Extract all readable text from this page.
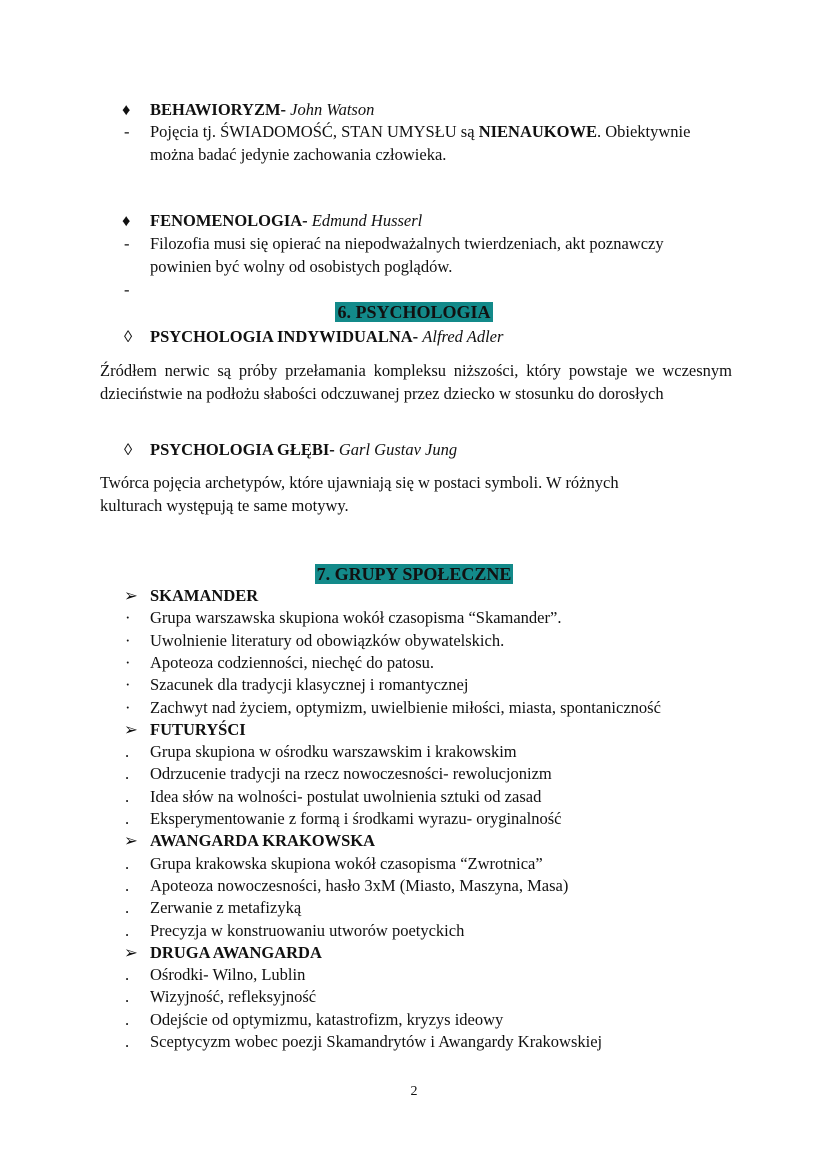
♦ BEHAWIORYZM- John Watson
- Pojęcia tj. ŚWIADOMOŚĆ, STAN UMYSŁU są NIENAUKOWE. Obiektywnie
można badać jedynie zachowania człowieka.
♦ FENOMENOLOGIA- Edmund Husserl
- Filozofia musi się opierać na niepodważalnych twierdzeniach, akt poznawczy
powinien być wolny od osobistych poglądów.
-
6. PSYCHOLOGIA
◊ PSYCHOLOGIA INDYWIDUALNA- Alfred Adler
Źródłem nerwic są próby przełamania kompleksu niższości, który powstaje we wczesnym dzieciństwie na podłożu słabości odczuwanej przez dziecko w stosunku do dorosłych
◊ PSYCHOLOGIA GŁĘBI- Garl Gustav Jung
Twórca pojęcia archetypów, które ujawniają się w postaci symboli. W różnych
kulturach występują te same motywy.
7. GRUPY SPOŁECZNE
➢ SKAMANDER
· Grupa warszawska skupiona wokół czasopisma “Skamander”.
· Uwolnienie literatury od obowiązków obywatelskich.
· Apoteoza codzienności, niechęć do patosu.
· Szacunek dla tradycji klasycznej i romantycznej
· Zachwyt nad życiem, optymizm, uwielbienie miłości, miasta, spontaniczność
➢ FUTURYŚCI
. Grupa skupiona w ośrodku warszawskim i krakowskim
. Odrzucenie tradycji na rzecz nowoczesności- rewolucjonizm
. Idea słów na wolności- postulat uwolnienia sztuki od zasad
. Eksperymentowanie z formą i środkami wyrazu- oryginalność
➢ AWANGARDA KRAKOWSKA
. Grupa krakowska skupiona wokół czasopisma “Zwrotnica”
. Apoteoza nowoczesności, hasło 3xM (Miasto, Maszyna, Masa)
. Zerwanie z metafizyką
. Precyzja w konstruowaniu utworów poetyckich
➢ DRUGA AWANGARDA
. Ośrodki- Wilno, Lublin
. Wizyjność, refleksyjność
. Odejście od optymizmu, katastrofizm, kryzys ideowy
. Sceptycyzm wobec poezji Skamandrytów i Awangardy Krakowskiej
2
